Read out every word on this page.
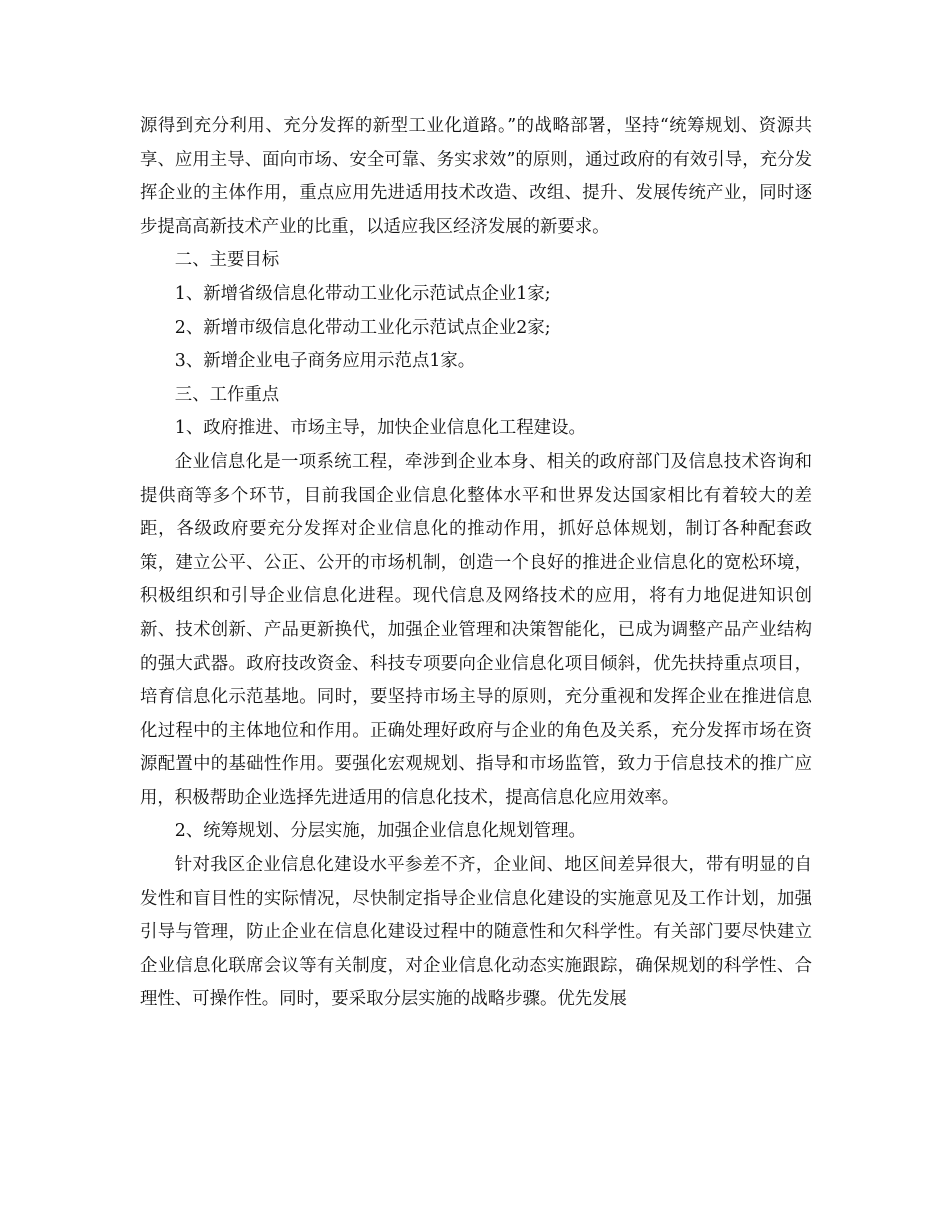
源得到充分利用、充分发挥的新型工业化道路。”的战略部署，坚持“统筹规划、资源共享、应用主导、面向市场、安全可靠、务实求效”的原则，通过政府的有效引导，充分发挥企业的主体作用，重点应用先进适用技术改造、改组、提升、发展传统产业，同时逐步提高高新技术产业的比重，以适应我区经济发展的新要求。

二、主要目标

1、新增省级信息化带动工业化示范试点企业1家;

2、新增市级信息化带动工业化示范试点企业2家;

3、新增企业电子商务应用示范点1家。

三、工作重点

1、政府推进、市场主导，加快企业信息化工程建设。

企业信息化是一项系统工程，牵涉到企业本身、相关的政府部门及信息技术咨询和提供商等多个环节，目前我国企业信息化整体水平和世界发达国家相比有着较大的差距，各级政府要充分发挥对企业信息化的推动作用，抓好总体规划，制订各种配套政策，建立公平、公正、公开的市场机制，创造一个良好的推进企业信息化的宽松环境，积极组织和引导企业信息化进程。现代信息及网络技术的应用，将有力地促进知识创新、技术创新、产品更新换代，加强企业管理和决策智能化，已成为调整产品产业结构的强大武器。政府技改资金、科技专项要向企业信息化项目倾斜，优先扶持重点项目，培育信息化示范基地。同时，要坚持市场主导的原则，充分重视和发挥企业在推进信息化过程中的主体地位和作用。正确处理好政府与企业的角色及关系，充分发挥市场在资源配置中的基础性作用。要强化宏观规划、指导和市场监管，致力于信息技术的推广应用，积极帮助企业选择先进适用的信息化技术，提高信息化应用效率。

2、统筹规划、分层实施，加强企业信息化规划管理。

针对我区企业信息化建设水平参差不齐，企业间、地区间差异很大，带有明显的自发性和盲目性的实际情况，尽快制定指导企业信息化建设的实施意见及工作计划，加强引导与管理，防止企业在信息化建设过程中的随意性和欠科学性。有关部门要尽快建立企业信息化联席会议等有关制度，对企业信息化动态实施跟踪，确保规划的科学性、合理性、可操作性。同时，要采取分层实施的战略步骤。优先发展
